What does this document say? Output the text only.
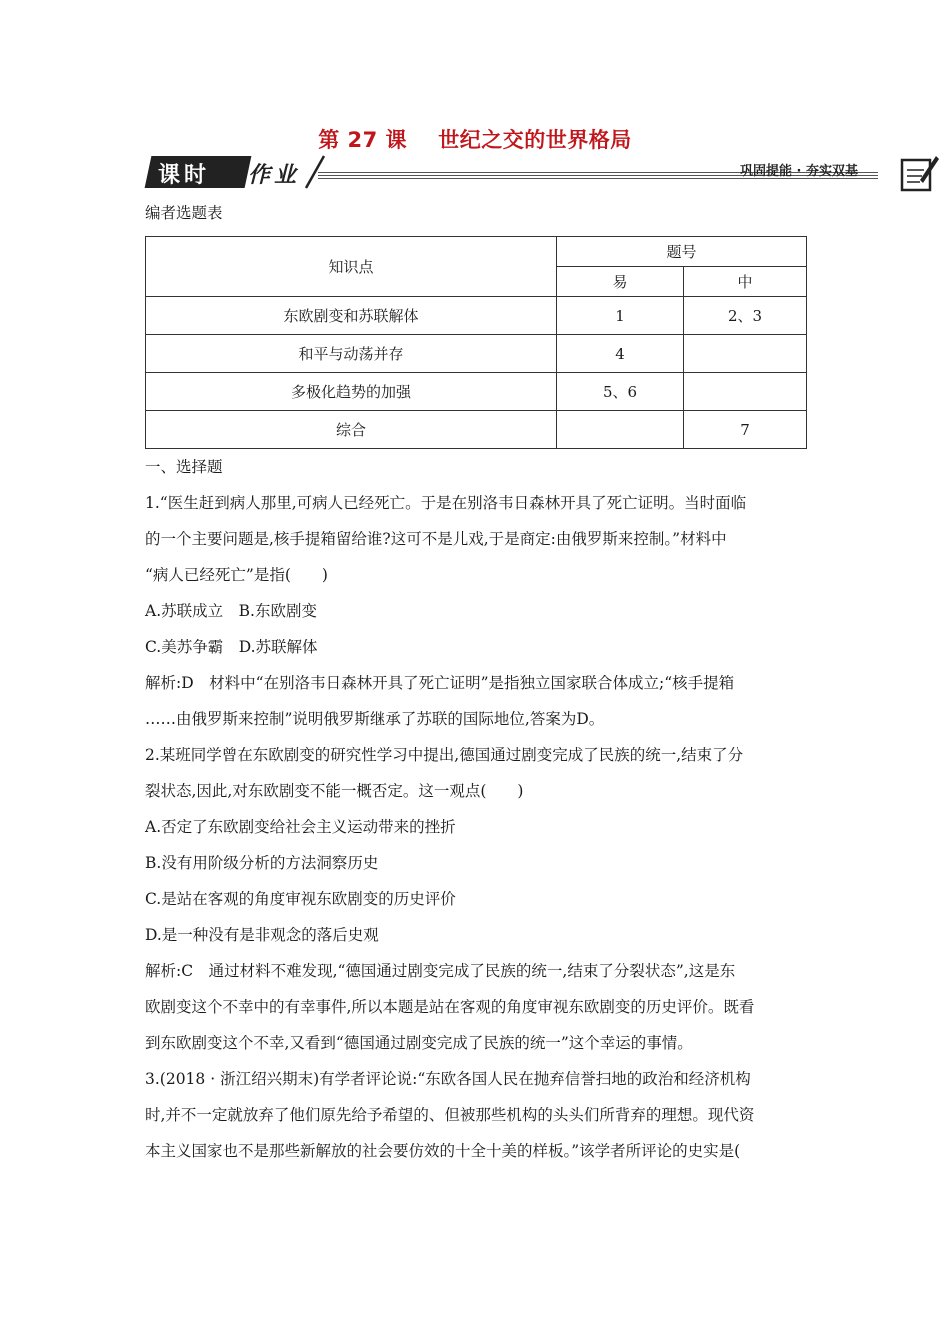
第 27 课    世纪之交的世界格局
课时 作业	巩固提能 · 夯实双基
编者选题表
知识点	题号	
	易	中
东欧剧变和苏联解体	1	2、3
和平与动荡并存	4	
多极化趋势的加强	5、6	
综合		7

一、选择题

1.“医生赶到病人那里,可病人已经死亡。于是在别洛韦日森林开具了死亡证明。当时面临

的一个主要问题是,核手提箱留给谁?这可不是儿戏,于是商定:由俄罗斯来控制。”材料中

“病人已经死亡”是指(　　)

A.苏联成立　B.东欧剧变

C.美苏争霸　D.苏联解体

解析:D　材料中“在别洛韦日森林开具了死亡证明”是指独立国家联合体成立;“核手提箱

……由俄罗斯来控制”说明俄罗斯继承了苏联的国际地位,答案为D。

2.某班同学曾在东欧剧变的研究性学习中提出,德国通过剧变完成了民族的统一,结束了分

裂状态,因此,对东欧剧变不能一概否定。这一观点(　　)

A.否定了东欧剧变给社会主义运动带来的挫折

B.没有用阶级分析的方法洞察历史

C.是站在客观的角度审视东欧剧变的历史评价

D.是一种没有是非观念的落后史观

解析:C　通过材料不难发现,“德国通过剧变完成了民族的统一,结束了分裂状态”,这是东

欧剧变这个不幸中的有幸事件,所以本题是站在客观的角度审视东欧剧变的历史评价。既看

到东欧剧变这个不幸,又看到“德国通过剧变完成了民族的统一”这个幸运的事情。

3.(2018 · 浙江绍兴期末)有学者评论说:“东欧各国人民在抛弃信誉扫地的政治和经济机构

时,并不一定就放弃了他们原先给予希望的、但被那些机构的头头们所背弃的理想。现代资

本主义国家也不是那些新解放的社会要仿效的十全十美的样板。”该学者所评论的史实是(
